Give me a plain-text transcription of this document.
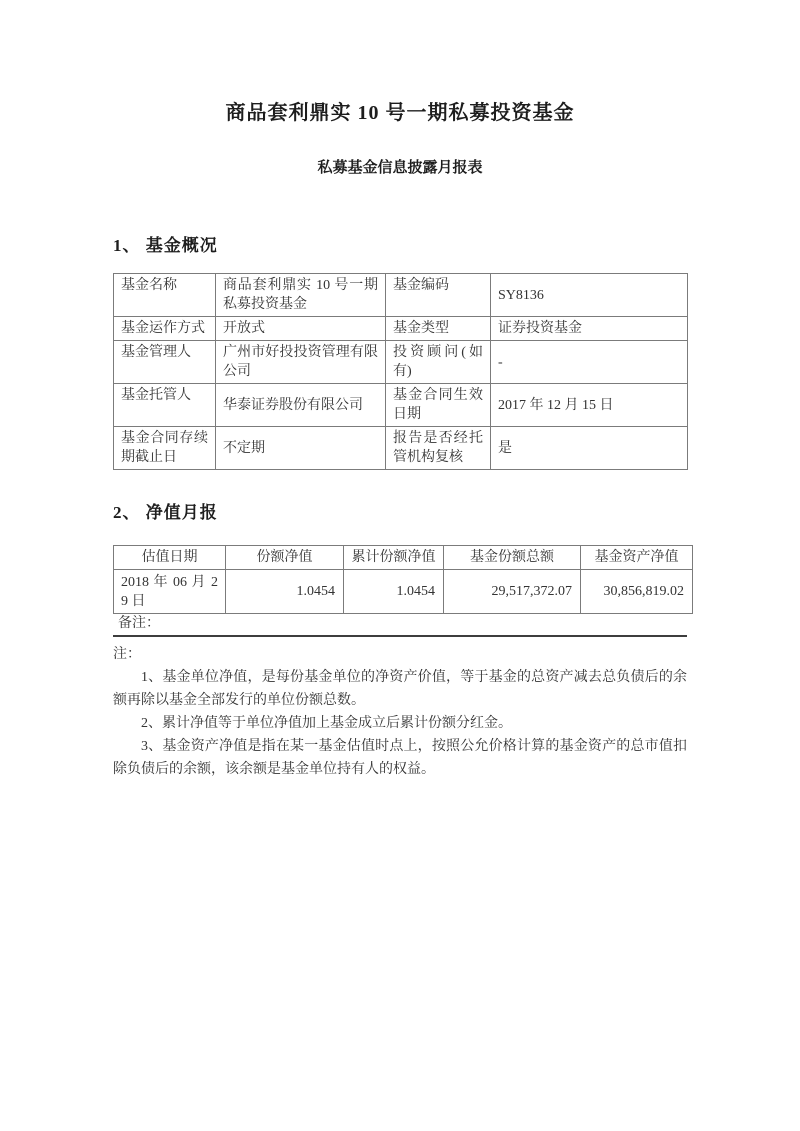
商品套利鼎实 10 号一期私募投资基金
私募基金信息披露月报表
1、 基金概况
基金名称	商品套利鼎实 10 号一期私募投资基金	基金编码	SY8136
基金运作方式	开放式	基金类型	证券投资基金
基金管理人	广州市好投投资管理有限公司	投资顾问(如有)	-
基金托管人	华泰证券股份有限公司	基金合同生效日期	2017 年 12 月 15 日
基金合同存续期截止日	不定期	报告是否经托管机构复核	是
2、 净值月报
估值日期	份额净值	累计份额净值	基金份额总额	基金资产净值
2018 年 06 月 29 日	1.0454	1.0454	29,517,372.07	30,856,819.02
备注：

注：

1、基金单位净值，是每份基金单位的净资产价值，等于基金的总资产减去总负债后的余额再除以基金全部发行的单位份额总数。

2、累计净值等于单位净值加上基金成立后累计份额分红金。

3、基金资产净值是指在某一基金估值时点上，按照公允价格计算的基金资产的总市值扣除负债后的余额，该余额是基金单位持有人的权益。
